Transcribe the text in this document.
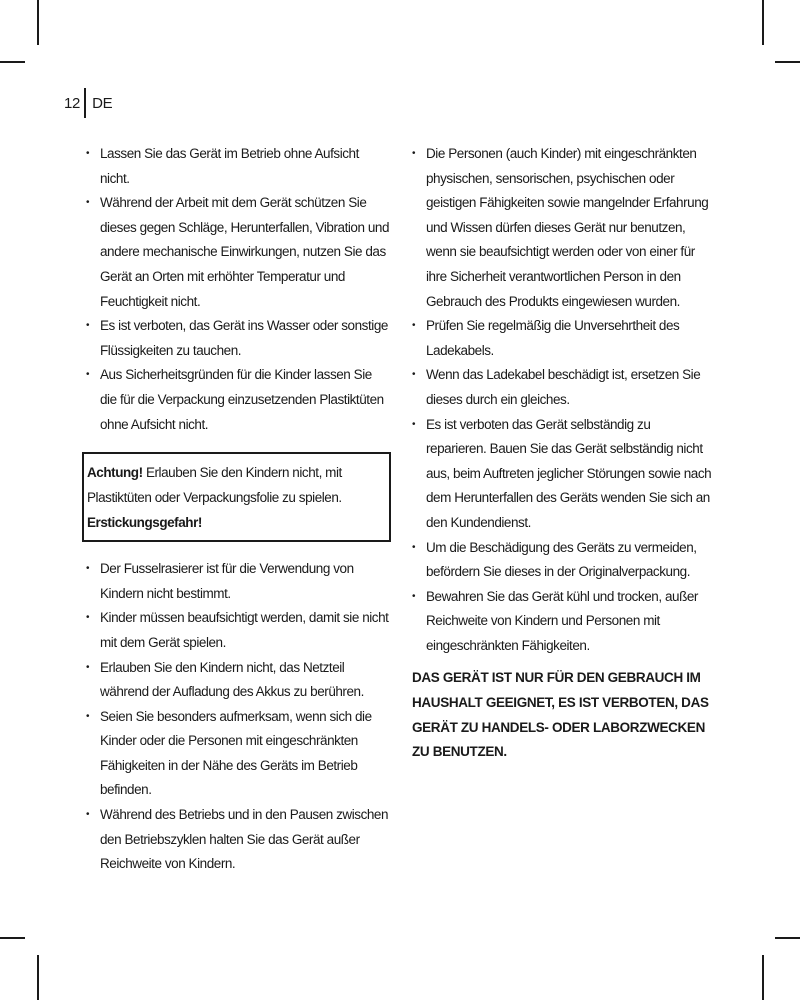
12 DE
• Lassen Sie das Gerät im Betrieb ohne Aufsicht nicht.
• Während der Arbeit mit dem Gerät schützen Sie dieses gegen Schläge, Herunterfallen, Vibration und andere mechanische Einwirkungen, nutzen Sie das Gerät an Orten mit erhöhter Temperatur und Feuchtigkeit nicht.
• Es ist verboten, das Gerät ins Wasser oder sonstige Flüssigkeiten zu tauchen.
• Aus Sicherheitsgründen für die Kinder lassen Sie die für die Verpackung einzusetzenden Plastiktüten ohne Aufsicht nicht.
Achtung! Erlauben Sie den Kindern nicht, mit Plastiktüten oder Verpackungsfolie zu spielen.
Erstickungsgefahr!
• Der Fusselrasierer ist für die Verwendung von Kindern nicht bestimmt.
• Kinder müssen beaufsichtigt werden, damit sie nicht mit dem Gerät spielen.
• Erlauben Sie den Kindern nicht, das Netzteil während der Aufladung des Akkus zu berühren.
• Seien Sie besonders aufmerksam, wenn sich die Kinder oder die Personen mit eingeschränkten Fähigkeiten in der Nähe des Geräts im Betrieb befinden.
• Während des Betriebs und in den Pausen zwischen den Betriebszyklen halten Sie das Gerät außer Reichweite von Kindern.
• Die Personen (auch Kinder) mit eingeschränkten physischen, sensorischen, psychischen oder geistigen Fähigkeiten sowie mangelnder Erfahrung und Wissen dürfen dieses Gerät nur benutzen, wenn sie beaufsichtigt werden oder von einer für ihre Sicherheit verantwortlichen Person in den Gebrauch des Produkts eingewiesen wurden.
• Prüfen Sie regelmäßig die Unversehrtheit des Ladekabels.
• Wenn das Ladekabel beschädigt ist, ersetzen Sie dieses durch ein gleiches.
• Es ist verboten das Gerät selbständig zu reparieren. Bauen Sie das Gerät selbständig nicht aus, beim Auftreten jeglicher Störungen sowie nach dem Herunterfallen des Geräts wenden Sie sich an den Kundendienst.
• Um die Beschädigung des Geräts zu vermeiden, befördern Sie dieses in der Originalverpackung.
• Bewahren Sie das Gerät kühl und trocken, außer Reichweite von Kindern und Personen mit eingeschränkten Fähigkeiten.
DAS GERÄT IST NUR FÜR DEN GEBRAUCH IM HAUSHALT GEEIGNET, ES IST VERBOTEN, DAS GERÄT ZU HANDELS- ODER LABORZWECKEN ZU BENUTZEN.
